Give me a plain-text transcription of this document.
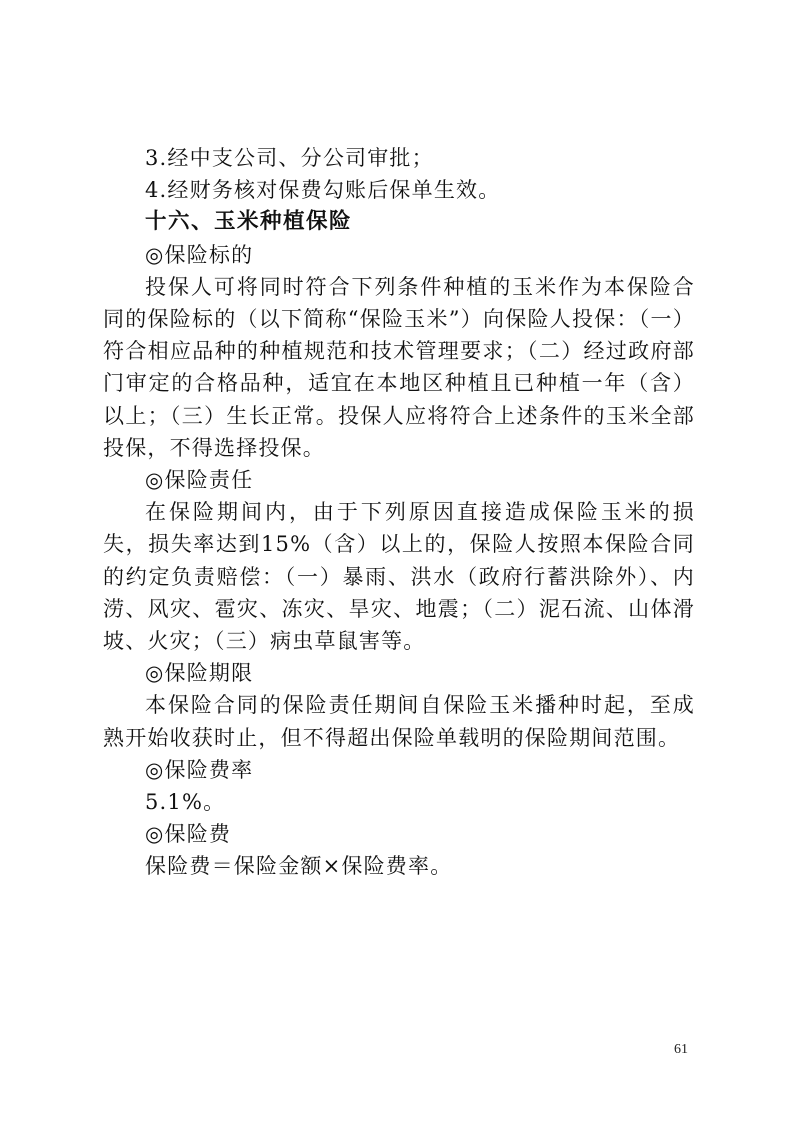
3.经中支公司、分公司审批；
4.经财务核对保费勾账后保单生效。
十六、玉米种植保险
◎保险标的

投保人可将同时符合下列条件种植的玉米作为本保险合同的保险标的（以下简称“保险玉米”）向保险人投保：（一）符合相应品种的种植规范和技术管理要求；（二）经过政府部门审定的合格品种，适宜在本地区种植且已种植一年（含）以上；（三）生长正常。投保人应将符合上述条件的玉米全部投保，不得选择投保。

◎保险责任

在保险期间内，由于下列原因直接造成保险玉米的损失，损失率达到15%（含）以上的，保险人按照本保险合同的约定负责赔偿：（一）暴雨、洪水（政府行蓄洪除外）、内涝、风灾、雹灾、冻灾、旱灾、地震；（二）泥石流、山体滑坡、火灾；（三）病虫草鼠害等。

◎保险期限

本保险合同的保险责任期间自保险玉米播种时起，至成熟开始收获时止，但不得超出保险单载明的保险期间范围。

◎保险费率
5.1%。
◎保险费
保险费＝保险金额×保险费率。
61
